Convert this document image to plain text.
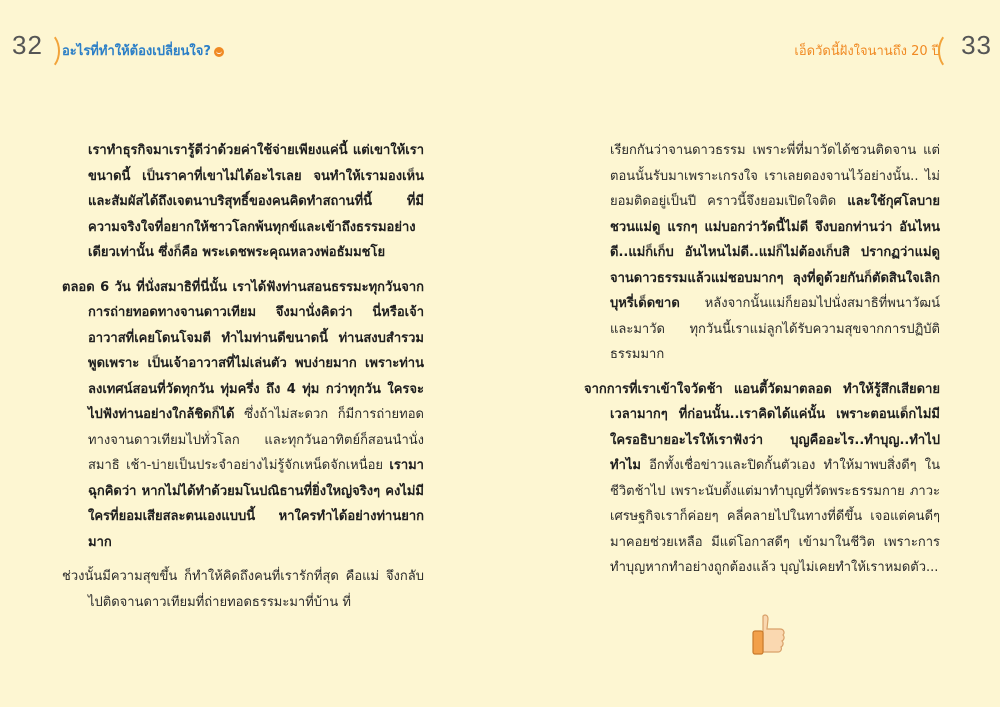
32 อะไรที่ทำให้ต้องเปลี่ยนใจ?

เราทำธุรกิจมาเรารู้ดีว่าด้วยค่าใช้จ่ายเพียงแค่นี้ แต่เขาให้เราขนาดนี้ เป็นราคาที่เขาไม่ได้อะไรเลย จนทำให้เรามองเห็นและสัมผัสได้ถึงเจตนาบริสุทธิ์ของคนคิดทำสถานที่นี้ ที่มีความจริงใจที่อยากให้ชาวโลกพ้นทุกข์และเข้าถึงธรรมอย่างเดียวเท่านั้น ซึ่งก็คือ พระเดชพระคุณหลวงพ่อธัมมชโย

ตลอด 6 วัน ที่นั่งสมาธิที่นี่นั้น เราได้ฟังท่านสอนธรรมะทุกวันจากการถ่ายทอดทางจานดาวเทียม จึงมานั่งคิดว่า นี่หรือเจ้าอาวาสที่เคยโดนโจมตี ทำไมท่านดีขนาดนี้ ท่านสงบสำรวม พูดเพราะ เป็นเจ้าอาวาสที่ไม่เล่นตัว พบง่ายมาก เพราะท่านลงเทศน์สอนที่วัดทุกวัน ทุ่มครึ่ง ถึง 4 ทุ่ม กว่าทุกวัน ใครจะไปฟังท่านอย่างใกล้ชิดก็ได้ ซึ่งถ้าไม่สะดวก ก็มีการถ่ายทอดทางจานดาวเทียมไปทั่วโลก และทุกวันอาทิตย์ก็สอนนำนั่งสมาธิ เช้า-บ่ายเป็นประจำอย่างไม่รู้จักเหน็ดจักเหนื่อย เรามาฉุกคิดว่า หากไม่ได้ทำด้วยมโนปณิธานที่ยิ่งใหญ่จริงๆ คงไม่มีใครที่ยอมเสียสละตนเองแบบนี้ หาใครทำได้อย่างท่านยากมาก

ช่วงนั้นมีความสุขขึ้น ก็ทำให้คิดถึงคนที่เรารักที่สุด คือแม่ จึงกลับไปติดจานดาวเทียมที่ถ่ายทอดธรรมะมาที่บ้าน ที่

เอ็ดวัดนี้ฝังใจนานถึง 20 ปี 33

เรียกกันว่าจานดาวธรรม เพราะพี่ที่มาวัดได้ชวนติดจาน แต่ตอนนั้นรับมาเพราะเกรงใจ เราเลยดองจานไว้อย่างนั้น.. ไม่ยอมติดอยู่เป็นปี คราวนี้จึงยอมเปิดใจติด และใช้กุศโลบายชวนแม่ดู แรกๆ แม่บอกว่าวัดนี้ไม่ดี จึงบอกท่านว่า อันไหนดี..แม่ก็เก็บ อันไหนไม่ดี..แม่ก็ไม่ต้องเก็บสิ ปรากฏว่าแม่ดูจานดาวธรรมแล้วแม่ชอบมากๆ ลุงที่ดูด้วยกันก็ตัดสินใจเลิกบุหรี่เด็ดขาด หลังจากนั้นแม่ก็ยอมไปนั่งสมาธิที่พนาวัฒน์และมาวัด ทุกวันนี้เราแม่ลูกได้รับความสุขจากการปฏิบัติธรรมมาก

จากการที่เราเข้าใจวัดช้า แอนตี้วัดมาตลอด ทำให้รู้สึกเสียดายเวลามากๆ ที่ก่อนนั้น..เราคิดได้แค่นั้น เพราะตอนเด็กไม่มีใครอธิบายอะไรให้เราฟังว่า บุญคืออะไร..ทำบุญ..ทำไปทำไม อีกทั้งเชื่อข่าวและปิดกั้นตัวเอง ทำให้มาพบสิ่งดีๆ ในชีวิตช้าไป เพราะนับตั้งแต่มาทำบุญที่วัดพระธรรมกาย ภาวะเศรษฐกิจเราก็ค่อยๆ คลี่คลายไปในทางที่ดีขึ้น เจอแต่คนดีๆ มาคอยช่วยเหลือ มีแต่โอกาสดีๆ เข้ามาในชีวิต เพราะการทำบุญหากทำอย่างถูกต้องแล้ว บุญไม่เคยทำให้เราหมดตัว...
